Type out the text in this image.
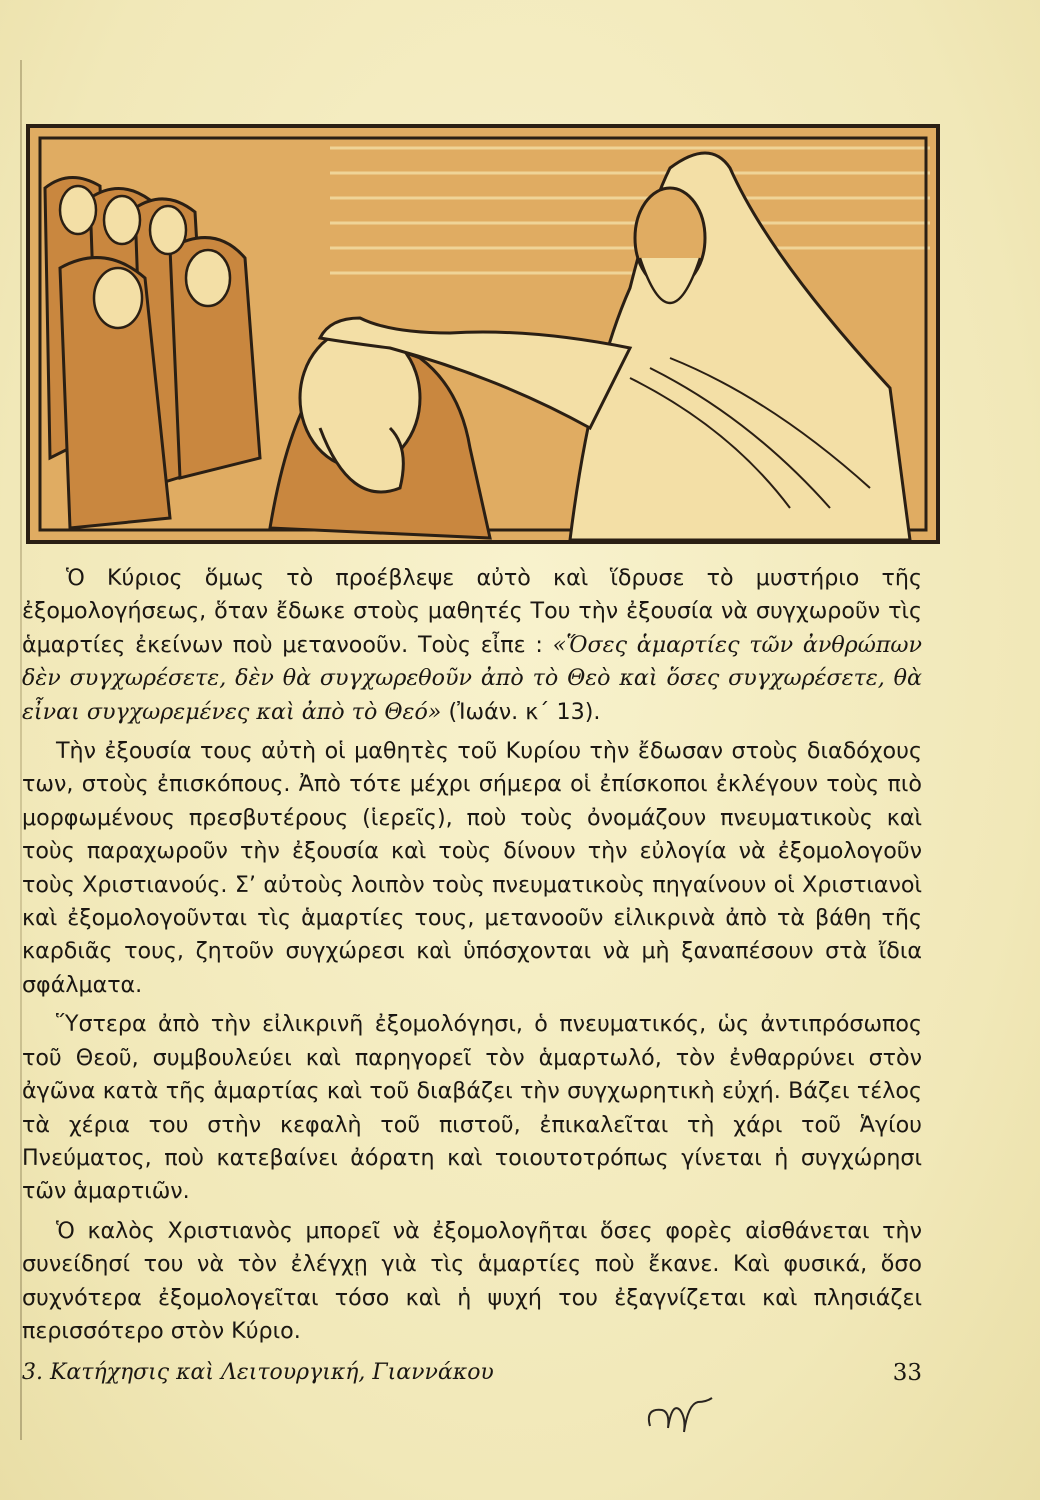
Ὁ Κύριος ὅμως τὸ προέβλεψε αὐτὸ καὶ ἵδρυσε τὸ μυστήριο τῆς ἐξομολογήσεως, ὅταν ἔδωκε στοὺς μαθητές Του τὴν ἐξουσία νὰ συγχωροῦν τὶς ἁμαρτίες ἐκείνων ποὺ μετανοοῦν. Τοὺς εἶπε : «Ὅσες ἁμαρτίες τῶν ἀνθρώπων δὲν συγχωρέσετε, δὲν θὰ συγχωρεθοῦν ἀπὸ τὸ Θεὸ καὶ ὅσες συγχωρέσετε, θὰ εἶναι συγχωρεμένες καὶ ἀπὸ τὸ Θεό» (Ἰωάν. κ΄ 13).

Τὴν ἐξουσία τους αὐτὴ οἱ μαθητὲς τοῦ Κυρίου τὴν ἔδωσαν στοὺς διαδόχους των, στοὺς ἐπισκόπους. Ἀπὸ τότε μέχρι σήμερα οἱ ἐπίσκοποι ἐκλέγουν τοὺς πιὸ μορφωμένους πρεσβυτέρους (ἱερεῖς), ποὺ τοὺς ὀνομάζουν πνευματικοὺς καὶ τοὺς παραχωροῦν τὴν ἐξουσία καὶ τοὺς δίνουν τὴν εὐλογία νὰ ἐξομολογοῦν τοὺς Χριστιανούς. Σ’ αὐτοὺς λοιπὸν τοὺς πνευματικοὺς πηγαίνουν οἱ Χριστιανοὶ καὶ ἐξομολογοῦνται τὶς ἁμαρτίες τους, μετανοοῦν εἰλικρινὰ ἀπὸ τὰ βάθη τῆς καρδιᾶς τους, ζητοῦν συγχώρεσι καὶ ὑπόσχονται νὰ μὴ ξαναπέσουν στὰ ἴδια σφάλματα.

Ὕστερα ἀπὸ τὴν εἰλικρινῆ ἐξομολόγησι, ὁ πνευματικός, ὡς ἀντιπρόσωπος τοῦ Θεοῦ, συμβουλεύει καὶ παρηγορεῖ τὸν ἁμαρτωλό, τὸν ἐνθαρρύνει στὸν ἀγῶνα κατὰ τῆς ἁμαρτίας καὶ τοῦ διαβάζει τὴν συγχωρητικὴ εὐχή. Βάζει τέλος τὰ χέρια του στὴν κεφαλὴ τοῦ πιστοῦ, ἐπικαλεῖται τὴ χάρι τοῦ Ἁγίου Πνεύματος, ποὺ κατεβαίνει ἀόρατη καὶ τοιουτοτρόπως γίνεται ἡ συγχώρησι τῶν ἁμαρτιῶν.

Ὁ καλὸς Χριστιανὸς μπορεῖ νὰ ἐξομολογῆται ὅσες φορὲς αἰσθάνεται τὴν συνείδησί του νὰ τὸν ἐλέγχῃ γιὰ τὶς ἁμαρτίες ποὺ ἔκανε. Καὶ φυσικά, ὅσο συχνότερα ἐξομολογεῖται τόσο καὶ ἡ ψυχή του ἐξαγνίζεται καὶ πλησιάζει περισσότερο στὸν Κύριο.

3. Κατήχησις καὶ Λειτουργική, Γιαννάκου	33
